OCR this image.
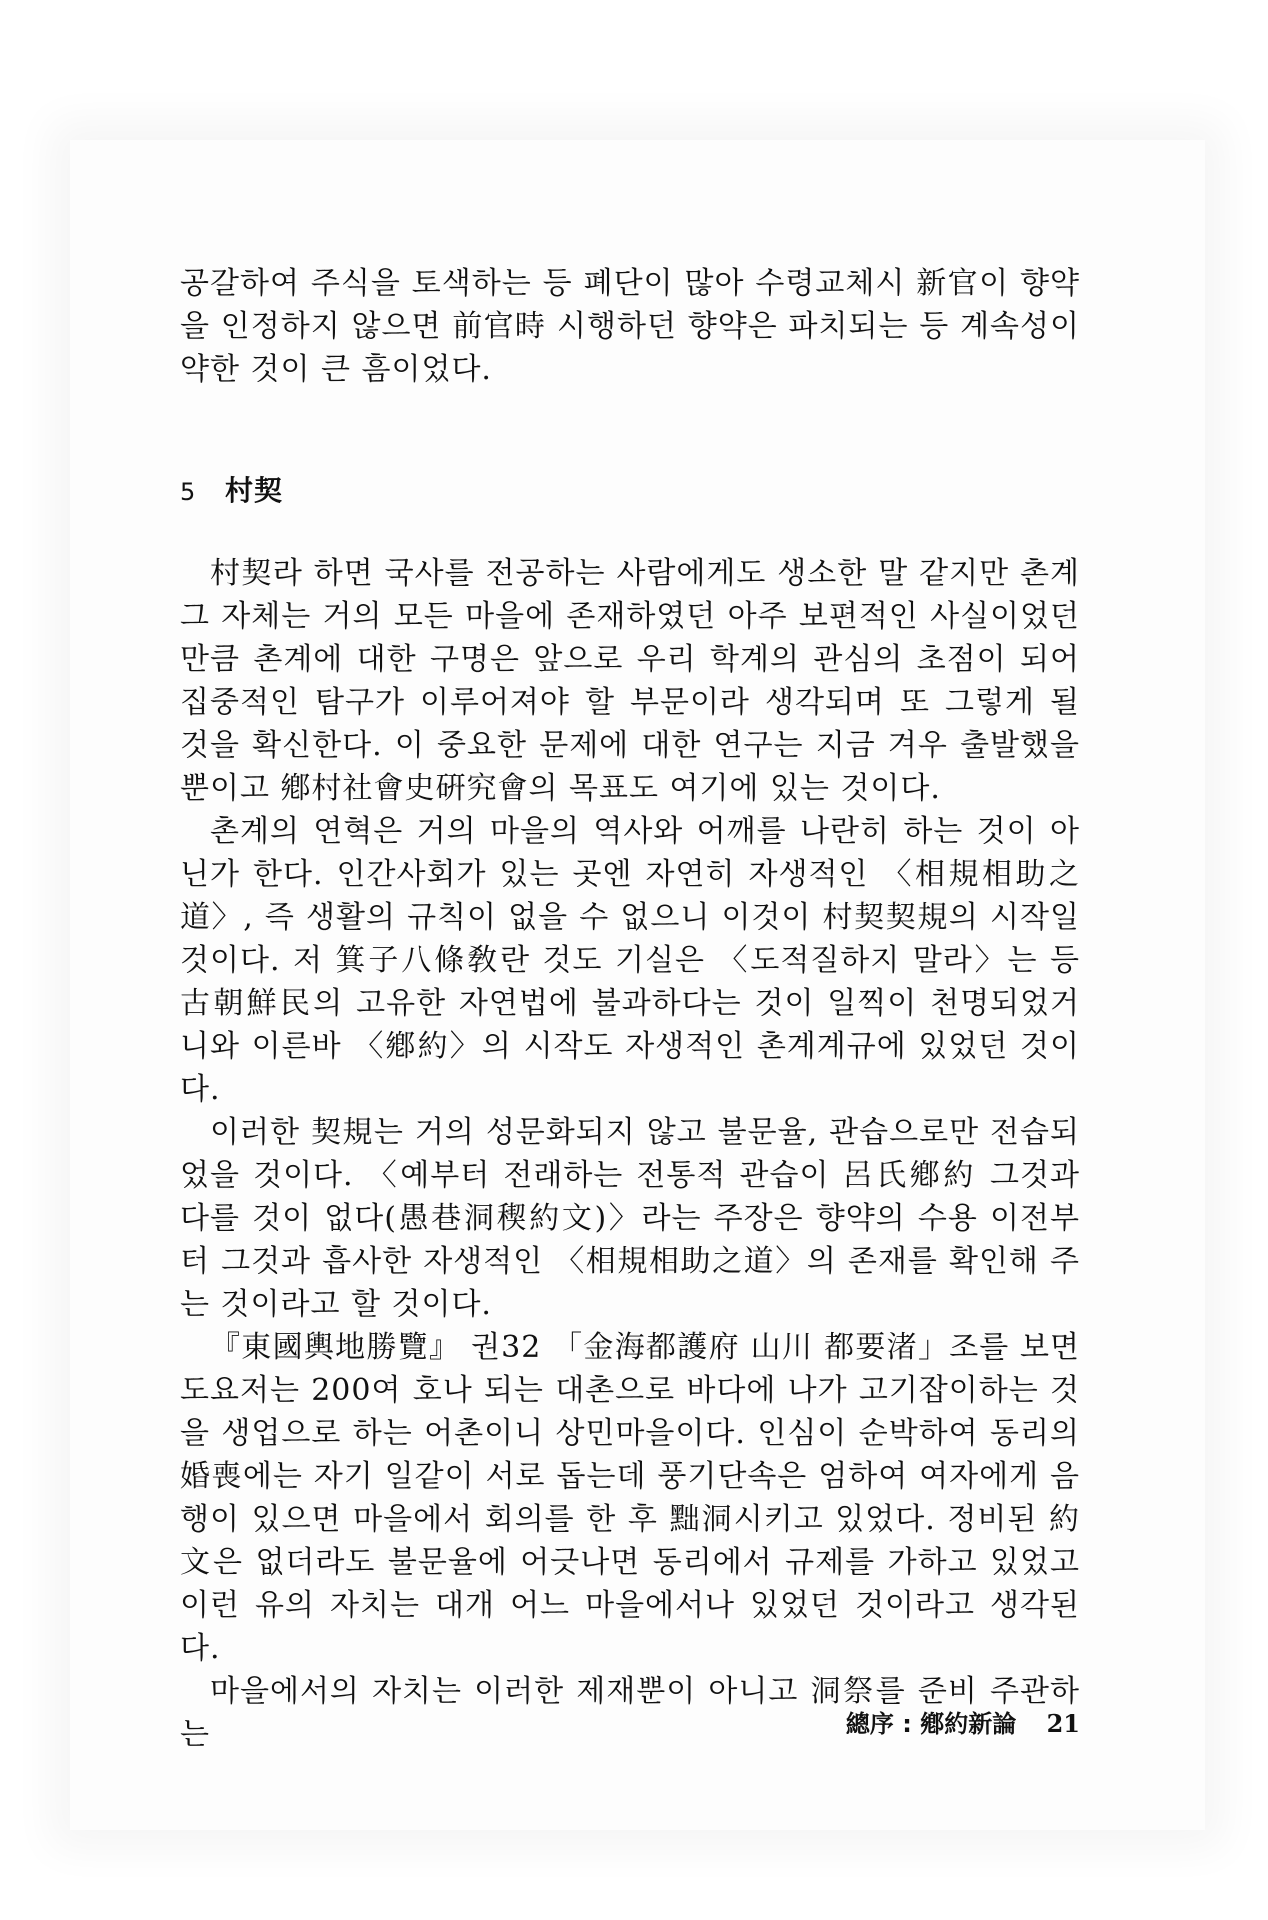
공갈하여 주식을 토색하는 등 폐단이 많아 수령교체시 新官이 향약을 인정하지 않으면 前官時 시행하던 향약은 파치되는 등 계속성이 약한 것이 큰 흠이었다.

5 村契

村契라 하면 국사를 전공하는 사람에게도 생소한 말 같지만 촌계 그 자체는 거의 모든 마을에 존재하였던 아주 보편적인 사실이었던 만큼 촌계에 대한 구명은 앞으로 우리 학계의 관심의 초점이 되어 집중적인 탐구가 이루어져야 할 부문이라 생각되며 또 그렇게 될 것을 확신한다. 이 중요한 문제에 대한 연구는 지금 겨우 출발했을 뿐이고 鄕村社會史硏究會의 목표도 여기에 있는 것이다.

촌계의 연혁은 거의 마을의 역사와 어깨를 나란히 하는 것이 아닌가 한다. 인간사회가 있는 곳엔 자연히 자생적인 〈相規相助之道〉, 즉 생활의 규칙이 없을 수 없으니 이것이 村契契規의 시작일 것이다. 저 箕子八條敎란 것도 기실은 〈도적질하지 말라〉는 등 古朝鮮民의 고유한 자연법에 불과하다는 것이 일찍이 천명되었거니와 이른바 〈鄕約〉의 시작도 자생적인 촌계계규에 있었던 것이다.

이러한 契規는 거의 성문화되지 않고 불문율, 관습으로만 전습되었을 것이다. 〈예부터 전래하는 전통적 관습이 呂氏鄕約 그것과 다를 것이 없다(愚巷洞稧約文)〉라는 주장은 향약의 수용 이전부터 그것과 흡사한 자생적인 〈相規相助之道〉의 존재를 확인해 주는 것이라고 할 것이다.

『東國輿地勝覽』 권32 「金海都護府 山川 都要渚」조를 보면 도요저는 200여 호나 되는 대촌으로 바다에 나가 고기잡이하는 것을 생업으로 하는 어촌이니 상민마을이다. 인심이 순박하여 동리의 婚喪에는 자기 일같이 서로 돕는데 풍기단속은 엄하여 여자에게 음행이 있으면 마을에서 회의를 한 후 黜洞시키고 있었다. 정비된 約文은 없더라도 불문율에 어긋나면 동리에서 규제를 가하고 있었고 이런 유의 자치는 대개 어느 마을에서나 있었던 것이라고 생각된다.

마을에서의 자치는 이러한 제재뿐이 아니고 洞祭를 준비 주관하는	總序 : 鄕約新論 21
